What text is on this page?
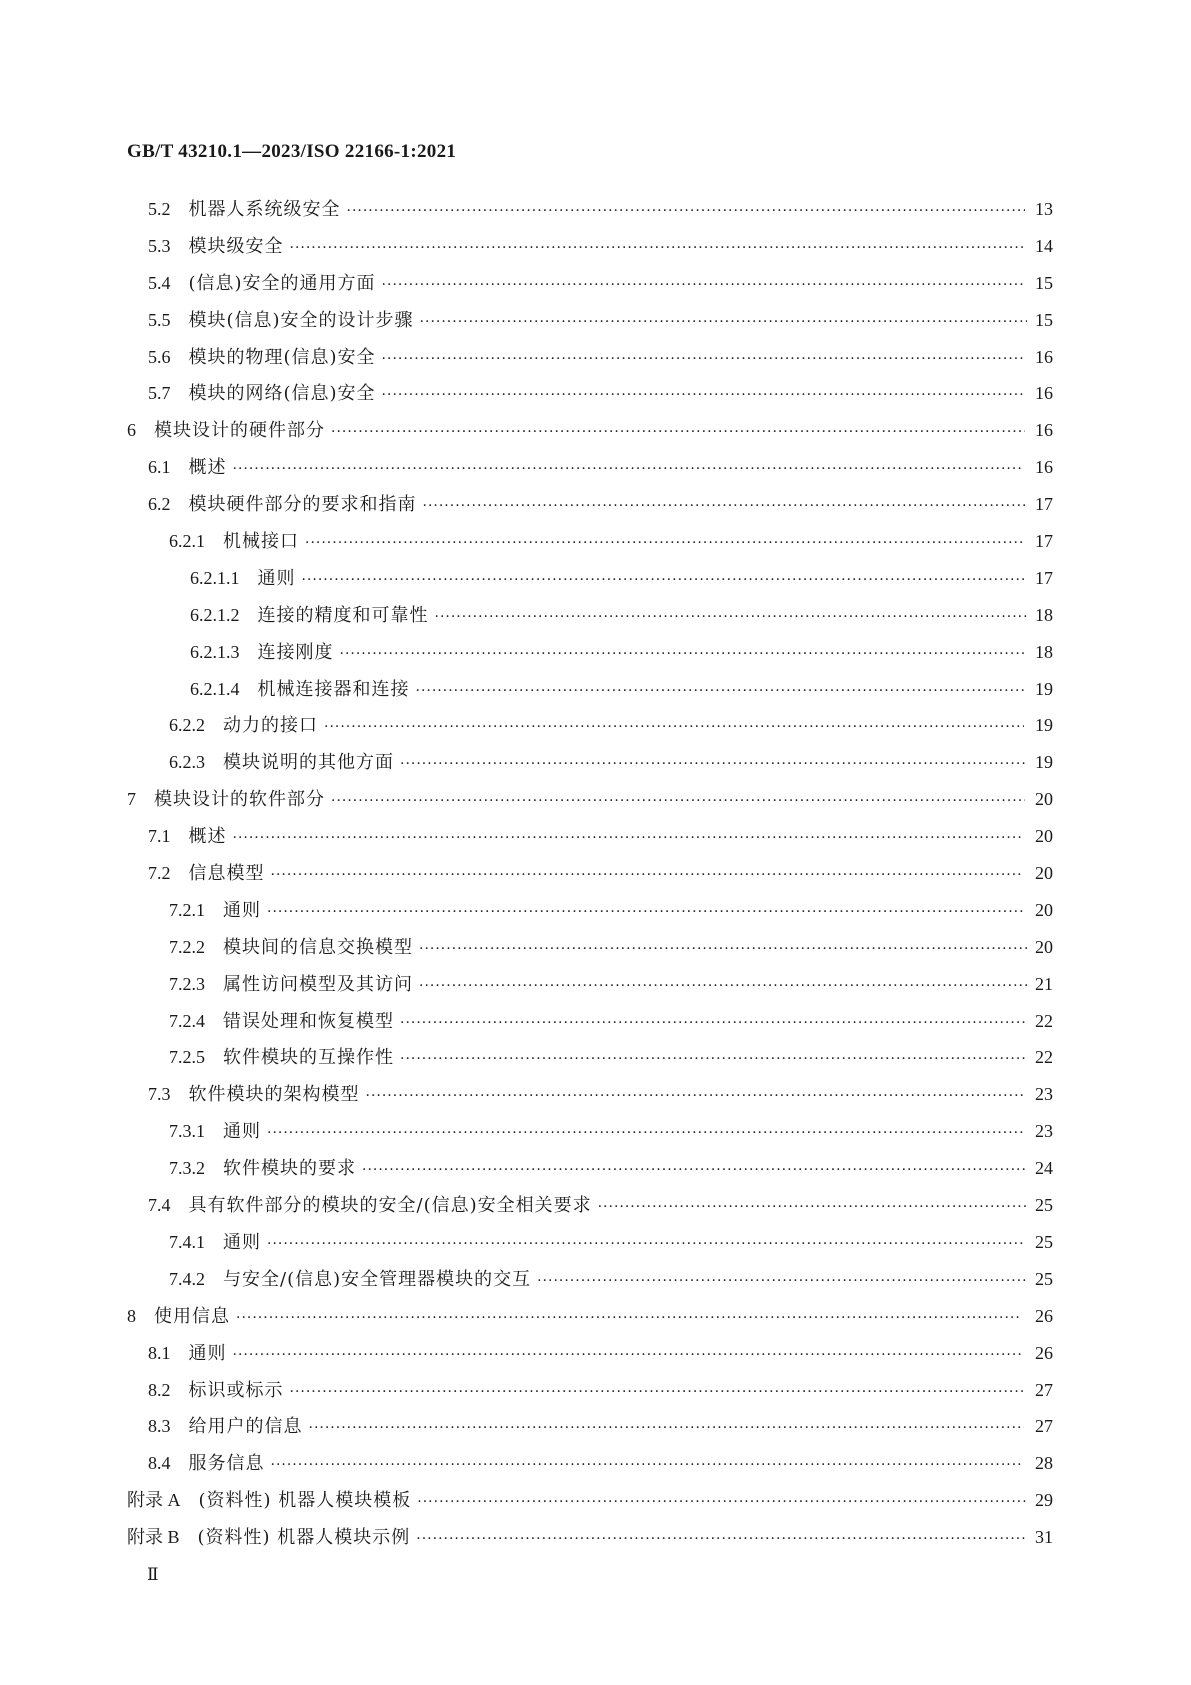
GB/T 43210.1—2023/ISO 22166-1:2021
5.2 机器人系统级安全 ·····	13
5.3 模块级安全 ·····	14
5.4 (信息)安全的通用方面 ·····	15
5.5 模块(信息)安全的设计步骤 ·····	15
5.6 模块的物理(信息)安全 ·····	16
5.7 模块的网络(信息)安全 ·····	16
6 模块设计的硬件部分 ·····	16
6.1 概述 ·····	16
6.2 模块硬件部分的要求和指南 ·····	17
6.2.1 机械接口 ·····	17
6.2.1.1 通则 ·····	17
6.2.1.2 连接的精度和可靠性 ·····	18
6.2.1.3 连接刚度 ·····	18
6.2.1.4 机械连接器和连接 ·····	19
6.2.2 动力的接口 ·····	19
6.2.3 模块说明的其他方面 ·····	19
7 模块设计的软件部分 ·····	20
7.1 概述 ·····	20
7.2 信息模型 ·····	20
7.2.1 通则 ·····	20
7.2.2 模块间的信息交换模型 ·····	20
7.2.3 属性访问模型及其访问 ·····	21
7.2.4 错误处理和恢复模型 ·····	22
7.2.5 软件模块的互操作性 ·····	22
7.3 软件模块的架构模型 ·····	23
7.3.1 通则 ·····	23
7.3.2 软件模块的要求 ·····	24
7.4 具有软件部分的模块的安全/(信息)安全相关要求 ·····	25
7.4.1 通则 ·····	25
7.4.2 与安全/(信息)安全管理器模块的交互 ·····	25
8 使用信息 ·····	26
8.1 通则 ·····	26
8.2 标识或标示 ·····	27
8.3 给用户的信息 ·····	27
8.4 服务信息 ·····	28
附录 A (资料性) 机器人模块模板 ·····	29
附录 B (资料性) 机器人模块示例 ·····	31
Ⅱ
